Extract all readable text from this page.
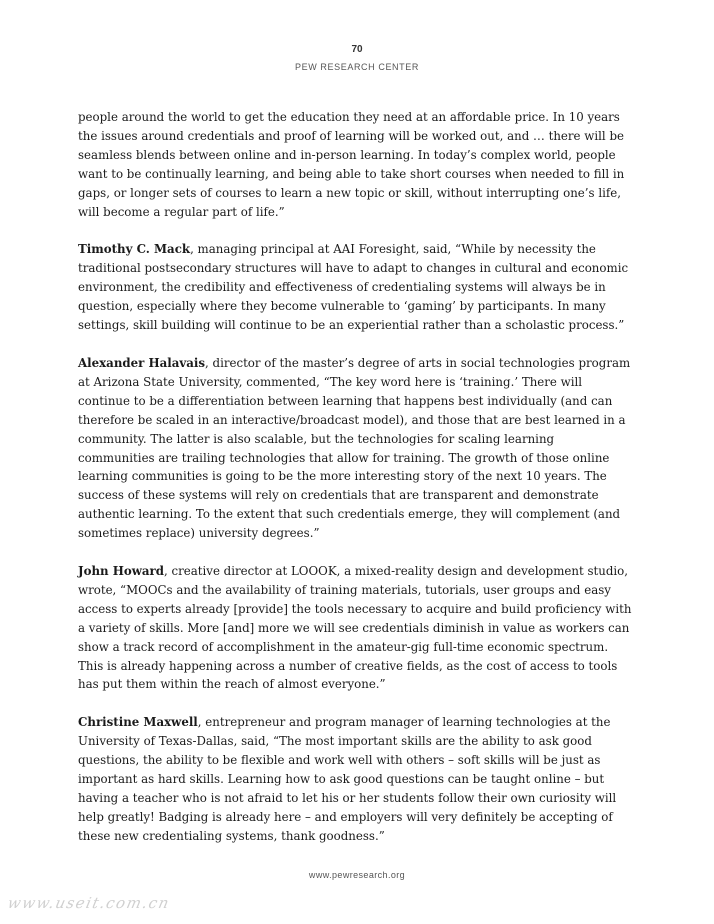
70
PEW RESEARCH CENTER

people around the world to get the education they need at an affordable price. In 10 years the issues around credentials and proof of learning will be worked out, and … there will be seamless blends between online and in-person learning. In today’s complex world, people want to be continually learning, and being able to take short courses when needed to fill in gaps, or longer sets of courses to learn a new topic or skill, without interrupting one’s life, will become a regular part of life.”

Timothy C. Mack, managing principal at AAI Foresight, said, “While by necessity the traditional postsecondary structures will have to adapt to changes in cultural and economic environment, the credibility and effectiveness of credentialing systems will always be in question, especially where they become vulnerable to ‘gaming’ by participants. In many settings, skill building will continue to be an experiential rather than a scholastic process.”

Alexander Halavais, director of the master’s degree of arts in social technologies program at Arizona State University, commented, “The key word here is ‘training.’ There will continue to be a differentiation between learning that happens best individually (and can therefore be scaled in an interactive/broadcast model), and those that are best learned in a community. The latter is also scalable, but the technologies for scaling learning communities are trailing technologies that allow for training. The growth of those online learning communities is going to be the more interesting story of the next 10 years. The success of these systems will rely on credentials that are transparent and demonstrate authentic learning. To the extent that such credentials emerge, they will complement (and sometimes replace) university degrees.”

John Howard, creative director at LOOOK, a mixed-reality design and development studio, wrote, “MOOCs and the availability of training materials, tutorials, user groups and easy access to experts already [provide] the tools necessary to acquire and build proficiency with a variety of skills. More [and] more we will see credentials diminish in value as workers can show a track record of accomplishment in the amateur-gig full-time economic spectrum. This is already happening across a number of creative fields, as the cost of access to tools has put them within the reach of almost everyone.”

Christine Maxwell, entrepreneur and program manager of learning technologies at the University of Texas-Dallas, said, “The most important skills are the ability to ask good questions, the ability to be flexible and work well with others – soft skills will be just as important as hard skills. Learning how to ask good questions can be taught online – but having a teacher who is not afraid to let his or her students follow their own curiosity will help greatly! Badging is already here – and employers will very definitely be accepting of these new credentialing systems, thank goodness.”

www.pewresearch.org
www.useit.com.cn
